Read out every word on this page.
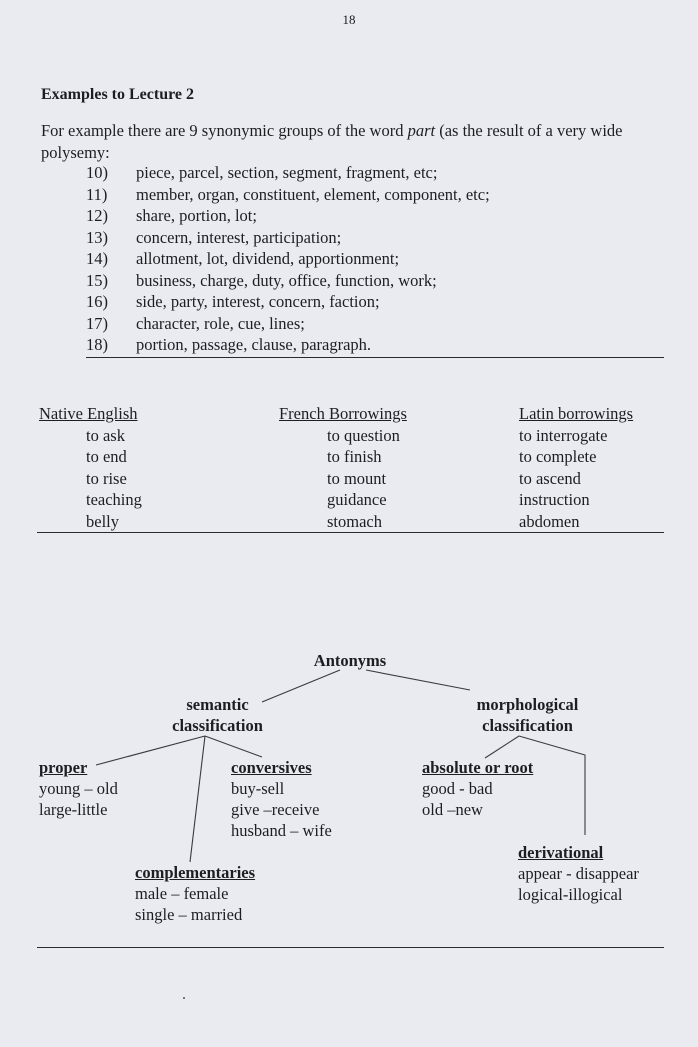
18
Examples to Lecture 2
For example there are 9 synonymic groups of the word part (as the result of a very wide polysemy:
10) piece, parcel, section, segment, fragment, etc;
11) member, organ, constituent, element, component, etc;
12) share, portion, lot;
13) concern, interest, participation;
14) allotment, lot, dividend, apportionment;
15) business, charge, duty, office, function, work;
16) side, party, interest, concern, faction;
17) character, role, cue, lines;
18) portion, passage, clause, paragraph.
Native English
to ask
to end
to rise
teaching
belly
French Borrowings
to question
to finish
to mount
guidance
stomach
Latin borrowings
to interrogate
to complete
to ascend
instruction
abdomen
Antonyms
semantic
classification
morphological
classification
proper
young – old
large-little
conversives
buy-sell
give –receive
husband – wife
complementaries
male – female
single – married
absolute or root
good - bad
old –new
derivational
appear - disappear
logical-illogical
